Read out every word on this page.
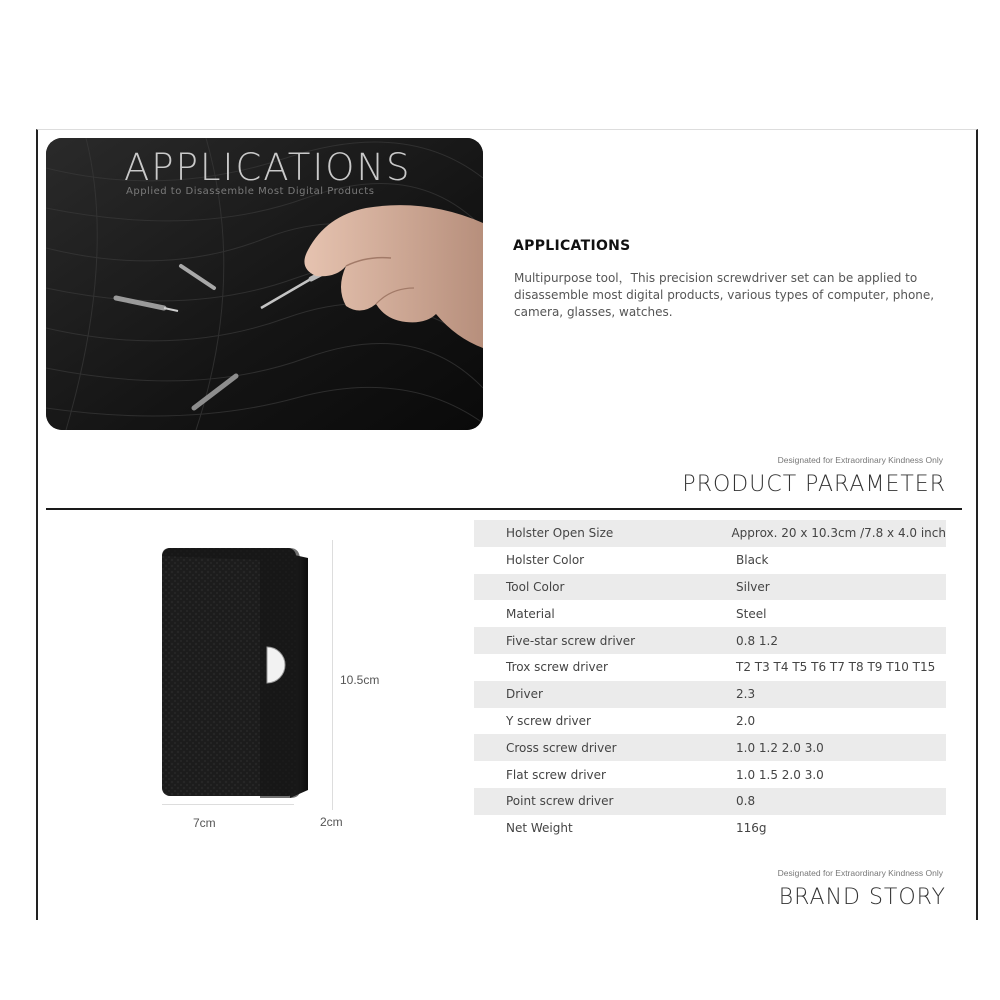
APPLICATIONS
Applied to Disassemble Most Digital Products
APPLICATIONS
Multipurpose tool，This precision screwdriver set can be applied to disassemble most digital products, various types of computer, phone, camera, glasses, watches.
Designated for Extraordinary Kindness Only
PRODUCT PARAMETER
10.5cm
7cm	2cm
Holster Open Size	Approx. 20 x 10.3cm /7.8 x 4.0 inch
Holster Color	Black
Tool Color	Silver
Material	Steel
Five-star screw driver	0.8 1.2
Trox screw driver	T2 T3 T4 T5 T6 T7 T8 T9 T10 T15
Driver	2.3
Y screw driver	2.0
Cross screw driver	1.0 1.2 2.0 3.0
Flat screw driver	1.0 1.5 2.0 3.0
Point screw driver	0.8
Net Weight	116g
Designated for Extraordinary Kindness Only
BRAND STORY
